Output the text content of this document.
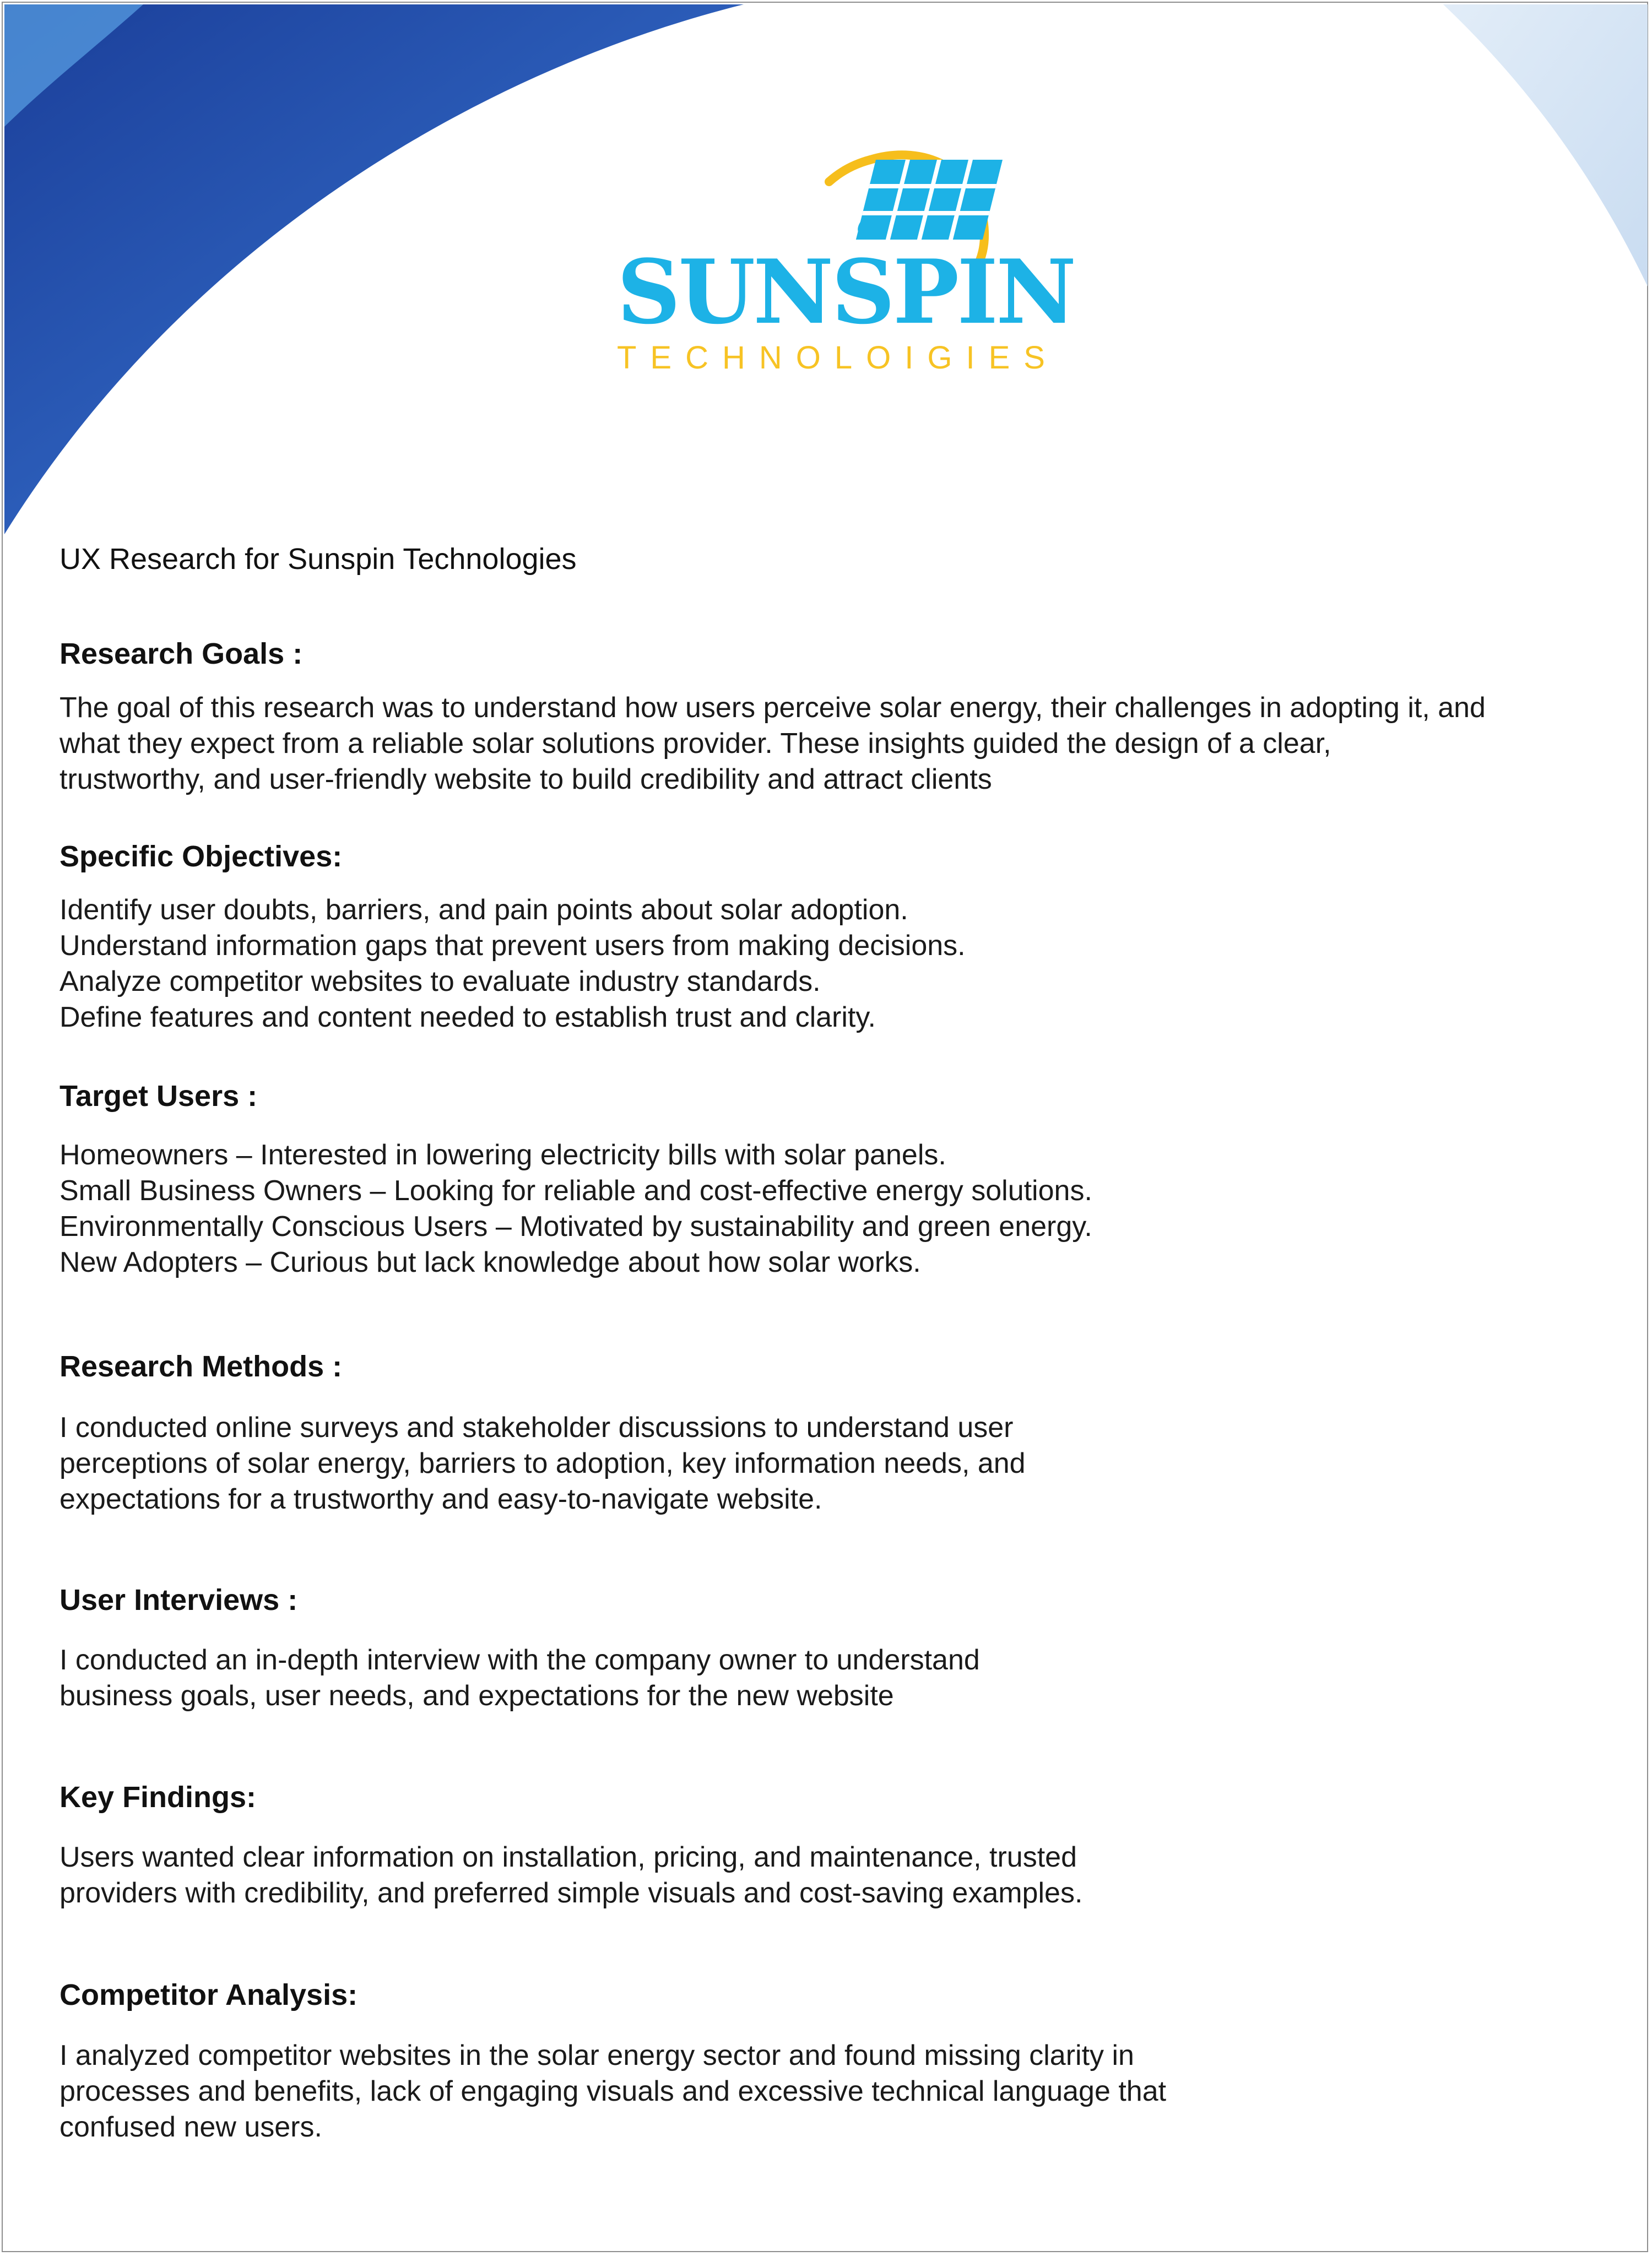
SUNSPIN
TECHNOLOIGIES
UX Research for Sunspin Technologies
Research Goals :

The goal of this research was to understand how users perceive solar energy, their challenges in adopting it, and
what they expect from a reliable solar solutions provider. These insights guided the design of a clear,
trustworthy, and user-friendly website to build credibility and attract clients

Specific Objectives:

Identify user doubts, barriers, and pain points about solar adoption.
Understand information gaps that prevent users from making decisions.
Analyze competitor websites to evaluate industry standards.
Define features and content needed to establish trust and clarity.

Target Users :

Homeowners – Interested in lowering electricity bills with solar panels.
Small Business Owners – Looking for reliable and cost-effective energy solutions.
Environmentally Conscious Users – Motivated by sustainability and green energy.
New Adopters – Curious but lack knowledge about how solar works.

Research Methods :

I conducted online surveys and stakeholder discussions to understand user
perceptions of solar energy, barriers to adoption, key information needs, and
expectations for a trustworthy and easy-to-navigate website.

User Interviews :

I conducted an in-depth interview with the company owner to understand
business goals, user needs, and expectations for the new website

Key Findings:

Users wanted clear information on installation, pricing, and maintenance, trusted
providers with credibility, and preferred simple visuals and cost-saving examples.

Competitor Analysis:

I analyzed competitor websites in the solar energy sector and found missing clarity in
processes and benefits, lack of engaging visuals and excessive technical language that
confused new users.
